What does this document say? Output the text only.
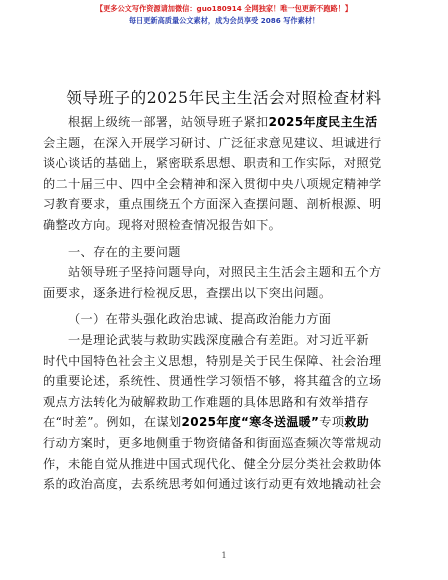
【更多公文写作资源请加微信：guo180914 全网独家！唯一包更新不跑路！】
每日更新高质量公文素材，成为会员享受 2086 写作素材！
领导班子的2025年民主生活会对照检查材料
根据上级统一部署，站领导班子紧扣2025年度民主生活
会主题，在深入开展学习研讨、广泛征求意见建议、坦诚进行
谈心谈话的基础上，紧密联系思想、职责和工作实际，对照党
的二十届三中、四中全会精神和深入贯彻中央八项规定精神学
习教育要求，重点围绕五个方面深入查摆问题、剖析根源、明
确整改方向。现将对照检查情况报告如下。
一、存在的主要问题
站领导班子坚持问题导向，对照民主生活会主题和五个方
面要求，逐条进行检视反思，查摆出以下突出问题。
（一）在带头强化政治忠诚、提高政治能力方面
一是理论武装与救助实践深度融合有差距。对习近平新
时代中国特色社会主义思想，特别是关于民生保障、社会治理
的重要论述，系统性、贯通性学习领悟不够，将其蕴含的立场
观点方法转化为破解救助工作难题的具体思路和有效举措存
在“时差”。例如，在谋划2025年度“寒冬送温暖”专项救助
行动方案时，更多地侧重于物资储备和街面巡查频次等常规动
作，未能自觉从推进中国式现代化、健全分层分类社会救助体
系的政治高度，去系统思考如何通过该行动更有效地撬动社会
1
